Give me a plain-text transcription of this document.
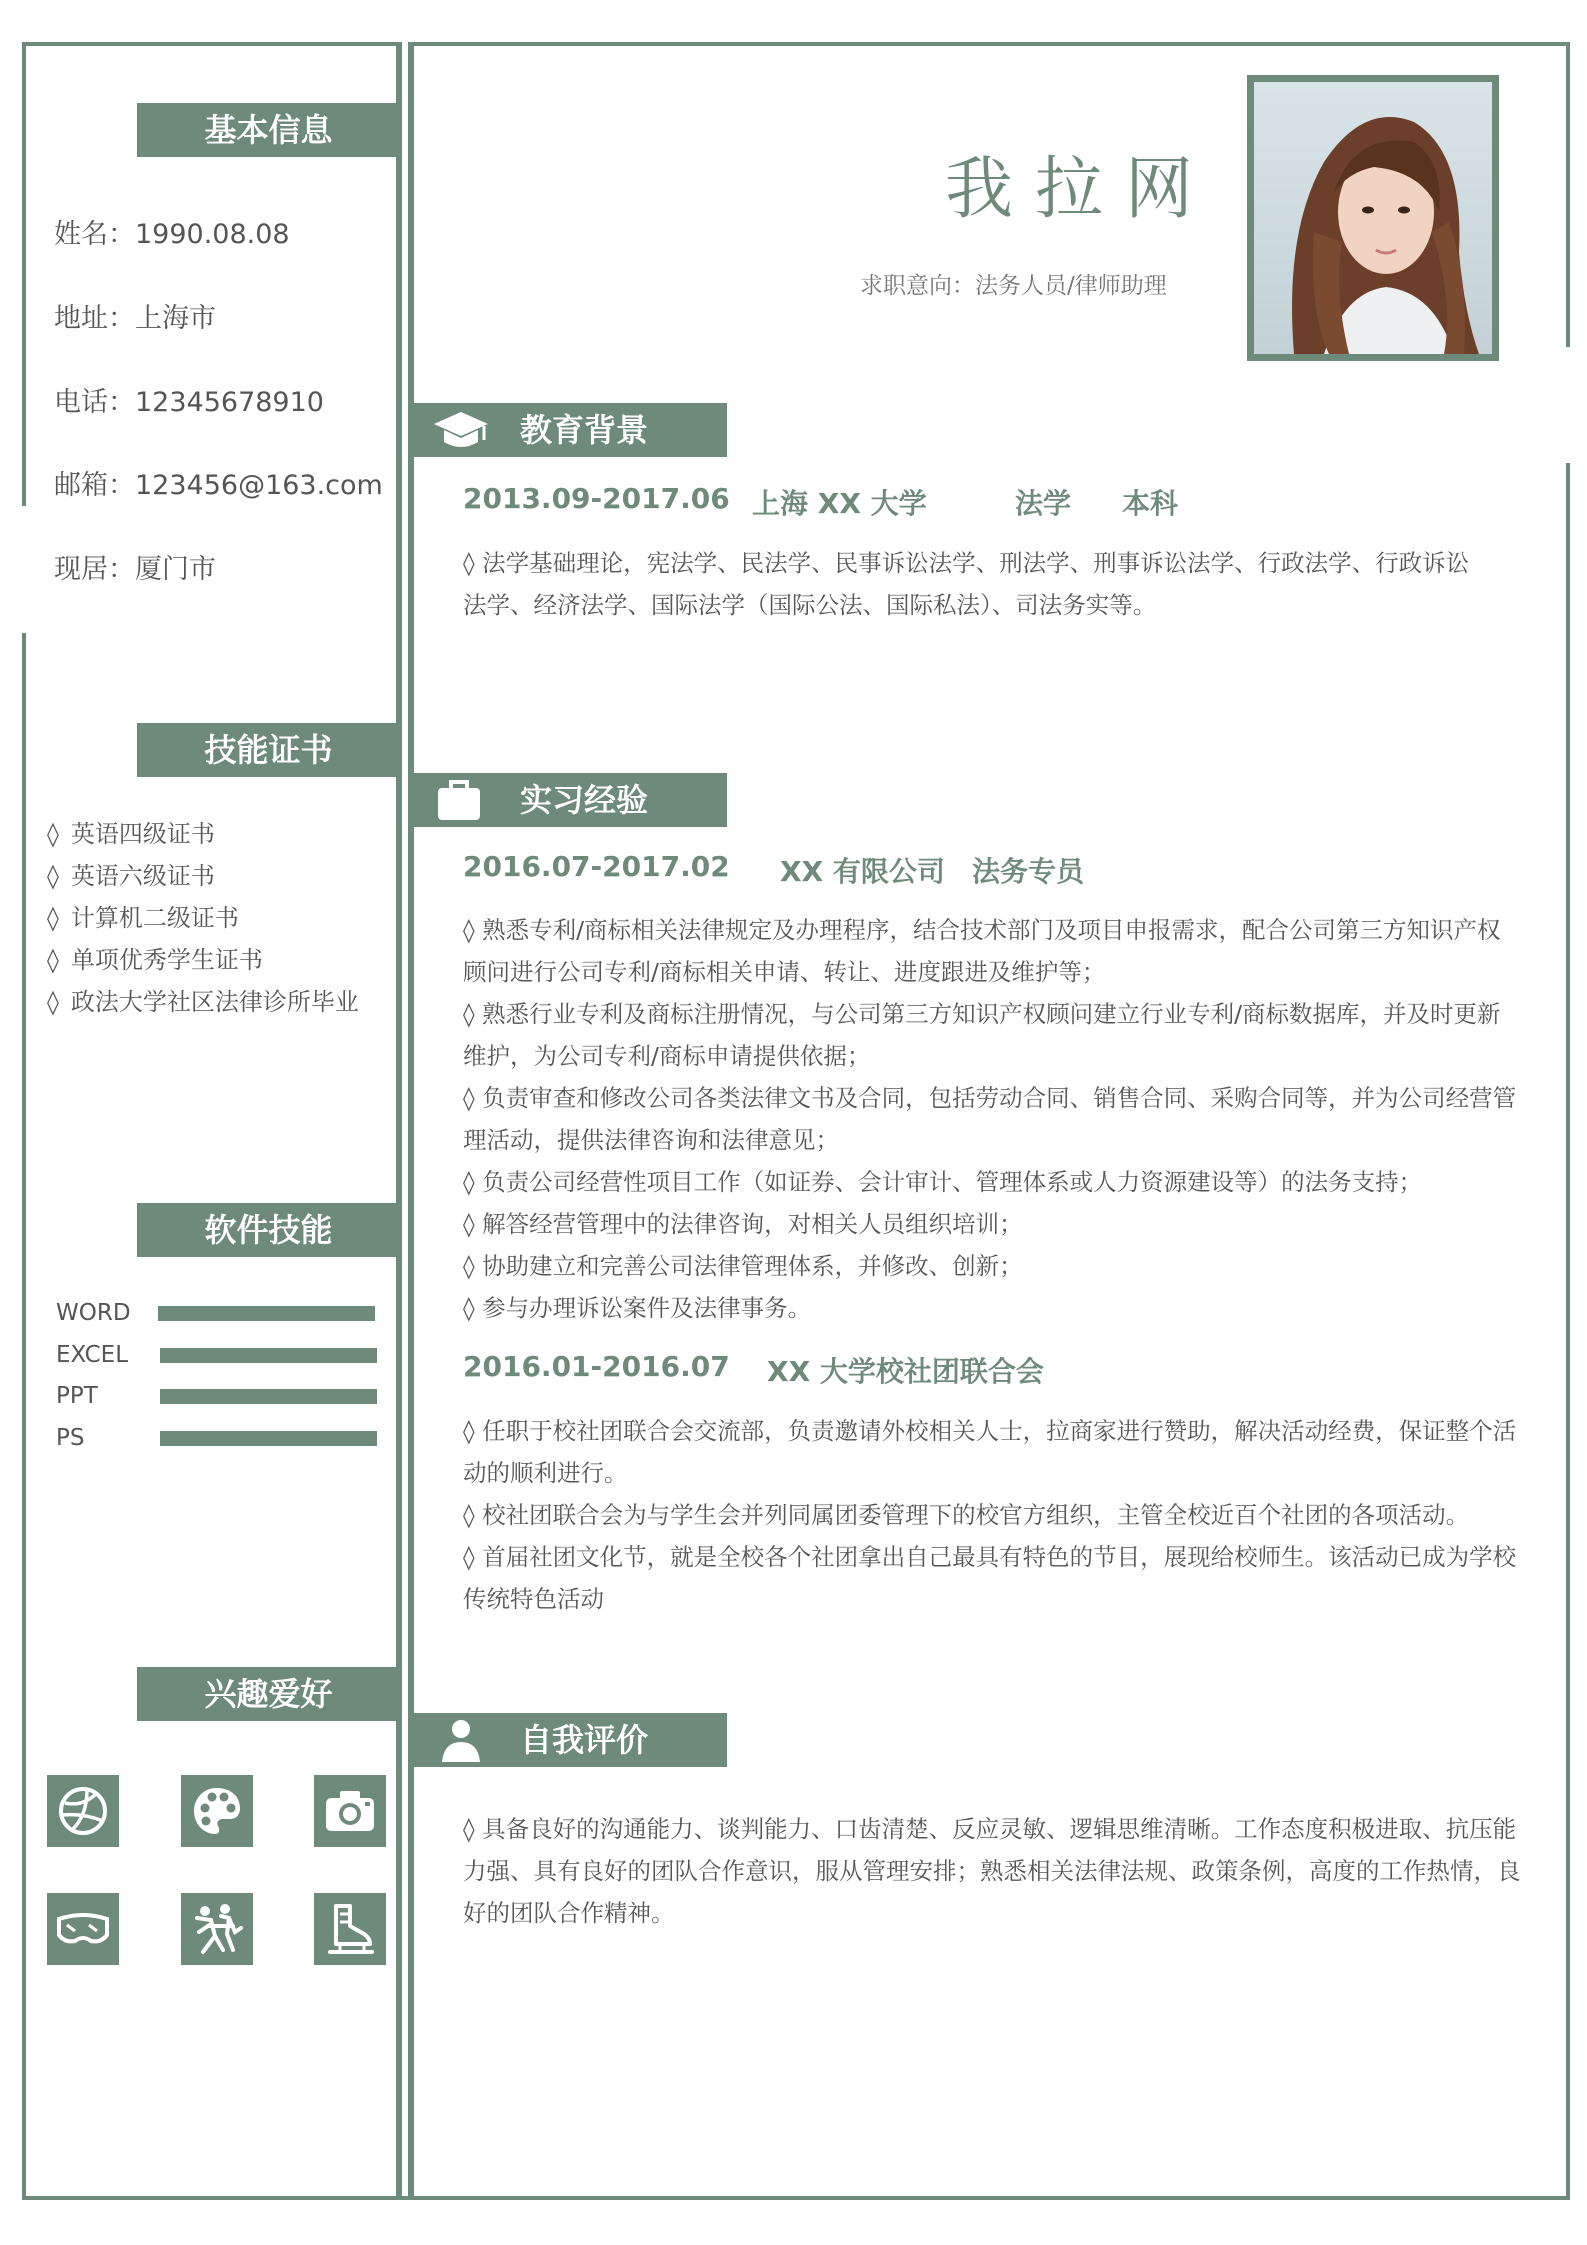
基本信息
姓名：1990.08.08
地址：上海市
电话：12345678910
邮箱：123456@163.com
现居：厦门市
技能证书
◊ 英语四级证书
◊ 英语六级证书
◊ 计算机二级证书
◊ 单项优秀学生证书
◊ 政法大学社区法律诊所毕业
软件技能
WORD
EXCEL
PPT
PS
兴趣爱好
我拉网
求职意向：法务人员/律师助理
教育背景
2013.09-2017.06 上海 XX 大学	法学 本科

◊ 法学基础理论，宪法学、民法学、民事诉讼法学、刑法学、刑事诉讼法学、行政法学、行政诉讼

法学、经济法学、国际法学（国际公法、国际私法）、司法务实等。

实习经验
2016.07-2017.02 XX 有限公司 法务专员

◊ 熟悉专利/商标相关法律规定及办理程序，结合技术部门及项目申报需求，配合公司第三方知识产权

顾问进行公司专利/商标相关申请、转让、进度跟进及维护等；

◊ 熟悉行业专利及商标注册情况，与公司第三方知识产权顾问建立行业专利/商标数据库，并及时更新

维护，为公司专利/商标申请提供依据；

◊ 负责审查和修改公司各类法律文书及合同，包括劳动合同、销售合同、采购合同等，并为公司经营管

理活动，提供法律咨询和法律意见；

◊ 负责公司经营性项目工作（如证券、会计审计、管理体系或人力资源建设等）的法务支持；

◊ 解答经营管理中的法律咨询，对相关人员组织培训；

◊ 协助建立和完善公司法律管理体系，并修改、创新；

◊ 参与办理诉讼案件及法律事务。

2016.01-2016.07 XX 大学校社团联合会

◊ 任职于校社团联合会交流部，负责邀请外校相关人士，拉商家进行赞助，解决活动经费，保证整个活

动的顺利进行。

◊ 校社团联合会为与学生会并列同属团委管理下的校官方组织，主管全校近百个社团的各项活动。

◊ 首届社团文化节，就是全校各个社团拿出自己最具有特色的节目，展现给校师生。该活动已成为学校

传统特色活动

自我评价

◊ 具备良好的沟通能力、谈判能力、口齿清楚、反应灵敏、逻辑思维清晰。工作态度积极进取、抗压能

力强、具有良好的团队合作意识，服从管理安排；熟悉相关法律法规、政策条例，高度的工作热情，良

好的团队合作精神。
